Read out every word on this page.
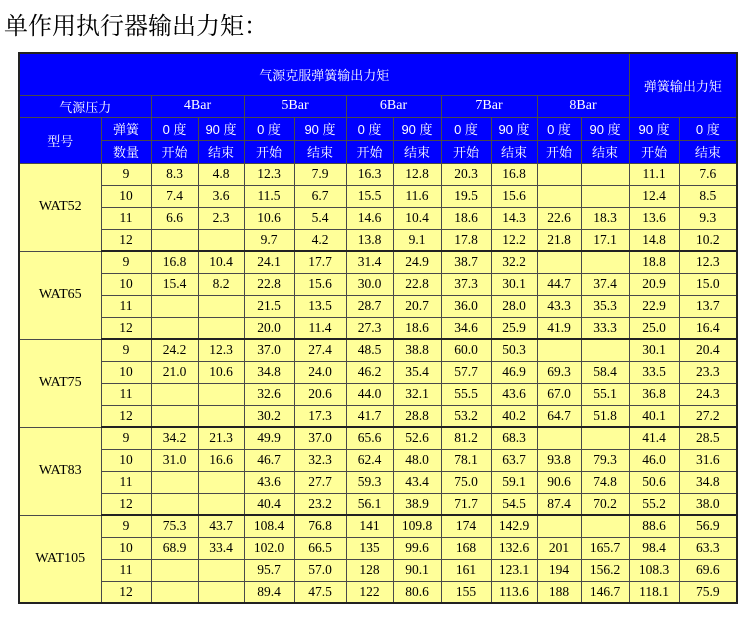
单作用执行器输出力矩：
气源克服弹簧输出力矩												弹簧输出力矩	
气源压力		4Bar		5Bar		6Bar		7Bar		8Bar			
型号	弹簧	0 度	90 度	0 度	90 度	0 度	90 度	0 度	90 度	0 度	90 度	90 度	0 度
	数量	开始	结束	开始	结束	开始	结束	开始	结束	开始	结束	开始	结束
WAT52	9	8.3	4.8	12.3	7.9	16.3	12.8	20.3	16.8			11.1	7.6
	10	7.4	3.6	11.5	6.7	15.5	11.6	19.5	15.6			12.4	8.5
	11	6.6	2.3	10.6	5.4	14.6	10.4	18.6	14.3	22.6	18.3	13.6	9.3
	12			9.7	4.2	13.8	9.1	17.8	12.2	21.8	17.1	14.8	10.2
WAT65	9	16.8	10.4	24.1	17.7	31.4	24.9	38.7	32.2			18.8	12.3
	10	15.4	8.2	22.8	15.6	30.0	22.8	37.3	30.1	44.7	37.4	20.9	15.0
	11			21.5	13.5	28.7	20.7	36.0	28.0	43.3	35.3	22.9	13.7
	12			20.0	11.4	27.3	18.6	34.6	25.9	41.9	33.3	25.0	16.4
WAT75	9	24.2	12.3	37.0	27.4	48.5	38.8	60.0	50.3			30.1	20.4
	10	21.0	10.6	34.8	24.0	46.2	35.4	57.7	46.9	69.3	58.4	33.5	23.3
	11			32.6	20.6	44.0	32.1	55.5	43.6	67.0	55.1	36.8	24.3
	12			30.2	17.3	41.7	28.8	53.2	40.2	64.7	51.8	40.1	27.2
WAT83	9	34.2	21.3	49.9	37.0	65.6	52.6	81.2	68.3			41.4	28.5
	10	31.0	16.6	46.7	32.3	62.4	48.0	78.1	63.7	93.8	79.3	46.0	31.6
	11			43.6	27.7	59.3	43.4	75.0	59.1	90.6	74.8	50.6	34.8
	12			40.4	23.2	56.1	38.9	71.7	54.5	87.4	70.2	55.2	38.0
WAT105	9	75.3	43.7	108.4	76.8	141	109.8	174	142.9			88.6	56.9
	10	68.9	33.4	102.0	66.5	135	99.6	168	132.6	201	165.7	98.4	63.3
	11			95.7	57.0	128	90.1	161	123.1	194	156.2	108.3	69.6
	12			89.4	47.5	122	80.6	155	113.6	188	146.7	118.1	75.9
